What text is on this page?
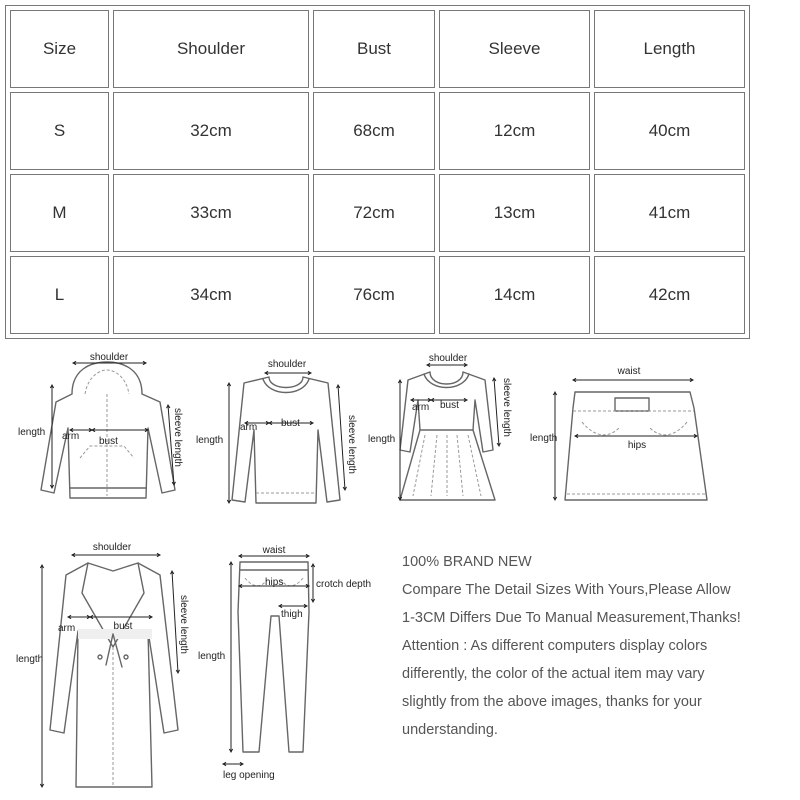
Size	Shoulder	Bust	Sleeve	Length
S	32cm	68cm	12cm	40cm
M	33cm	72cm	13cm	41cm
L	34cm	76cm	14cm	42cm
shoulder
length arm bust	sleeve length
shoulder
length
arm bust	sleeve length
shoulder
length
arm bust	sleeve length
waist
length
hips
shoulder
length
arm	bust	sleeve length
waist
hips	crotch depth
thigh
length
leg opening

100% BRAND NEW

Compare The Detail Sizes With Yours,Please Allow

1-3CM Differs Due To Manual Measurement,Thanks!

Attention : As different computers display colors

differently, the color of the actual item may vary

slightly from the above images, thanks for your

understanding.
